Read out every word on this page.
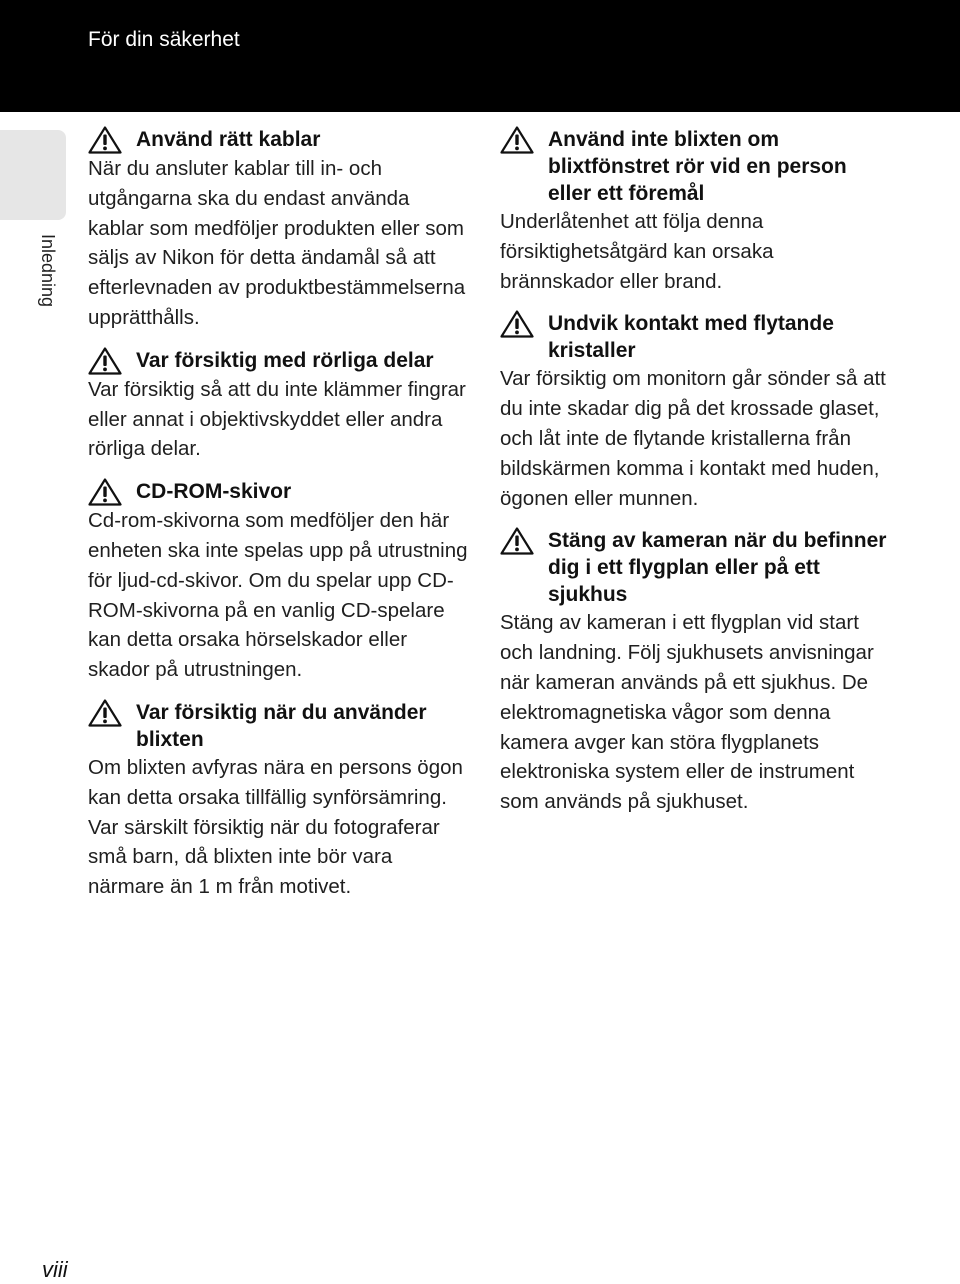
För din säkerhet
Inledning
Använd rätt kablar
När du ansluter kablar till in- och utgångarna ska du endast använda kablar som medföljer produkten eller som säljs av Nikon för detta ändamål så att efterlevnaden av produktbestämmelserna upprätthålls.
Var försiktig med rörliga delar
Var försiktig så att du inte klämmer fingrar eller annat i objektivskyddet eller andra rörliga delar.
CD-ROM-skivor
Cd-rom-skivorna som medföljer den här enheten ska inte spelas upp på utrustning för ljud-cd-skivor. Om du spelar upp CD-ROM-skivorna på en vanlig CD-spelare kan detta orsaka hörselskador eller skador på utrustningen.
Var försiktig när du använder blixten
Om blixten avfyras nära en persons ögon kan detta orsaka tillfällig synförsämring. Var särskilt försiktig när du fotograferar små barn, då blixten inte bör vara närmare än 1 m från motivet.
Använd inte blixten om blixtfönstret rör vid en person eller ett föremål
Underlåtenhet att följa denna försiktighetsåtgärd kan orsaka brännskador eller brand.
Undvik kontakt med flytande kristaller
Var försiktig om monitorn går sönder så att du inte skadar dig på det krossade glaset, och låt inte de flytande kristallerna från bildskärmen komma i kontakt med huden, ögonen eller munnen.
Stäng av kameran när du befinner dig i ett flygplan eller på ett sjukhus
Stäng av kameran i ett flygplan vid start och landning. Följ sjukhusets anvisningar när kameran används på ett sjukhus. De elektromagnetiska vågor som denna kamera avger kan störa flygplanets elektroniska system eller de instrument som används på sjukhuset.
viii
